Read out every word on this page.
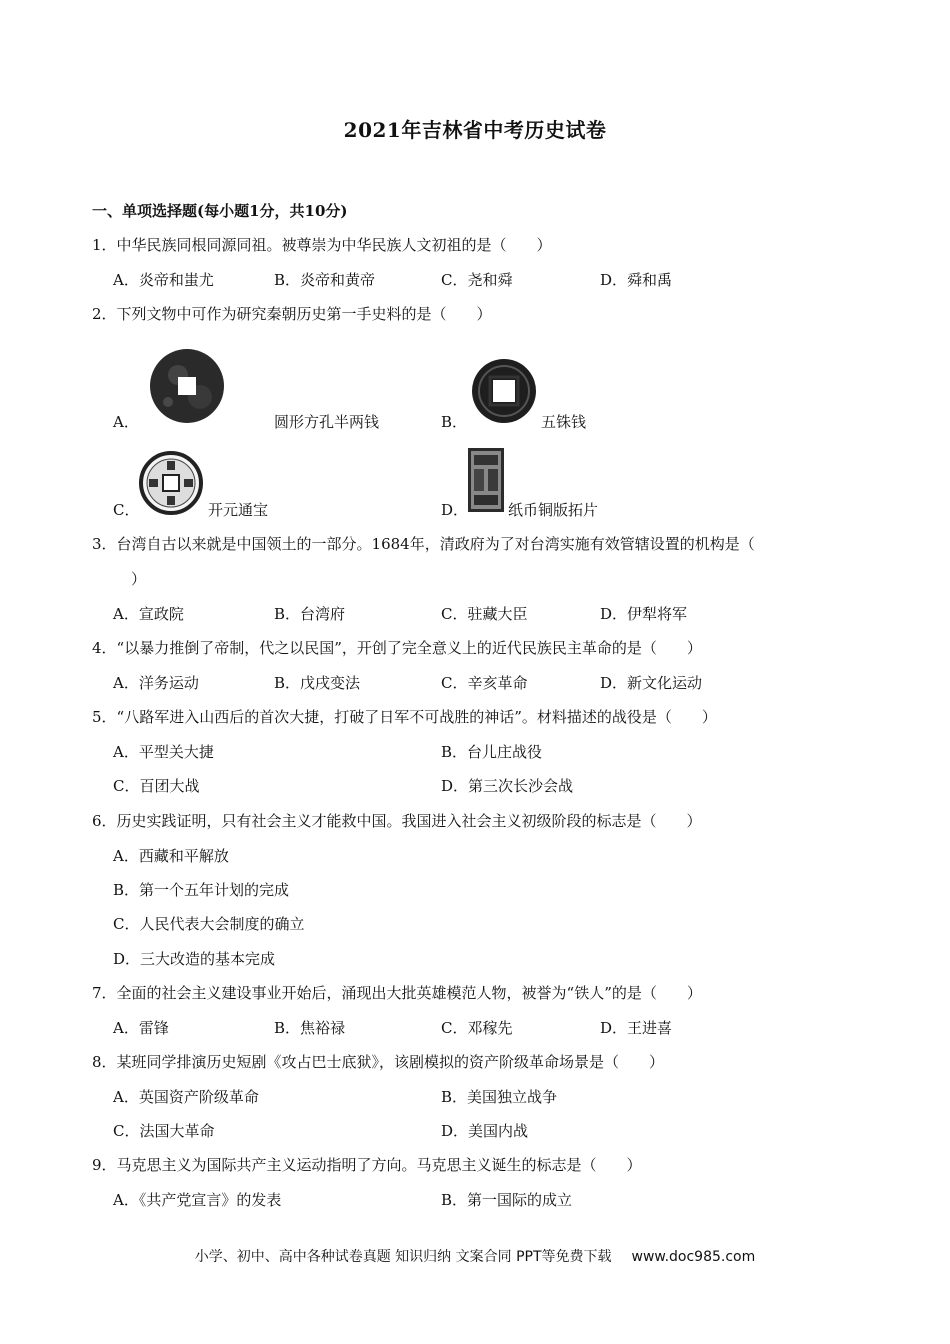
2021年吉林省中考历史试卷
一、单项选择题(每小题1分，共10分)
1．中华民族同根同源同祖。被尊崇为中华民族人文初祖的是（　　）
A．炎帝和蚩尤	B．炎帝和黄帝	C．尧和舜	D．舜和禹
2．下列文物中可作为研究秦朝历史第一手史料的是（　　）
A．	圆形方孔半两钱	B．	五铢钱
C．	开元通宝	D．	纸币铜版拓片
3．台湾自古以来就是中国领土的一部分。1684年，清政府为了对台湾实施有效管辖设置的机构是（
）
A．宣政院	B．台湾府	C．驻藏大臣	D．伊犁将军
4．“以暴力推倒了帝制，代之以民国”，开创了完全意义上的近代民族民主革命的是（　　）
A．洋务运动	B．戊戌变法	C．辛亥革命	D．新文化运动
5．“八路军进入山西后的首次大捷，打破了日军不可战胜的神话”。材料描述的战役是（　　）
A．平型关大捷	B．台儿庄战役
C．百团大战	D．第三次长沙会战
6．历史实践证明，只有社会主义才能救中国。我国进入社会主义初级阶段的标志是（　　）
A．西藏和平解放
B．第一个五年计划的完成
C．人民代表大会制度的确立
D．三大改造的基本完成
7．全面的社会主义建设事业开始后，涌现出大批英雄模范人物，被誉为“铁人”的是（　　）
A．雷锋	B．焦裕禄	C．邓稼先	D．王进喜
8．某班同学排演历史短剧《攻占巴士底狱》，该剧模拟的资产阶级革命场景是（　　）
A．英国资产阶级革命	B．美国独立战争
C．法国大革命	D．美国内战
9．马克思主义为国际共产主义运动指明了方向。马克思主义诞生的标志是（　　）
A．《共产党宣言》的发表	B．第一国际的成立
小学、初中、高中各种试卷真题 知识归纳 文案合同 PPT等免费下载 www.doc985.com
